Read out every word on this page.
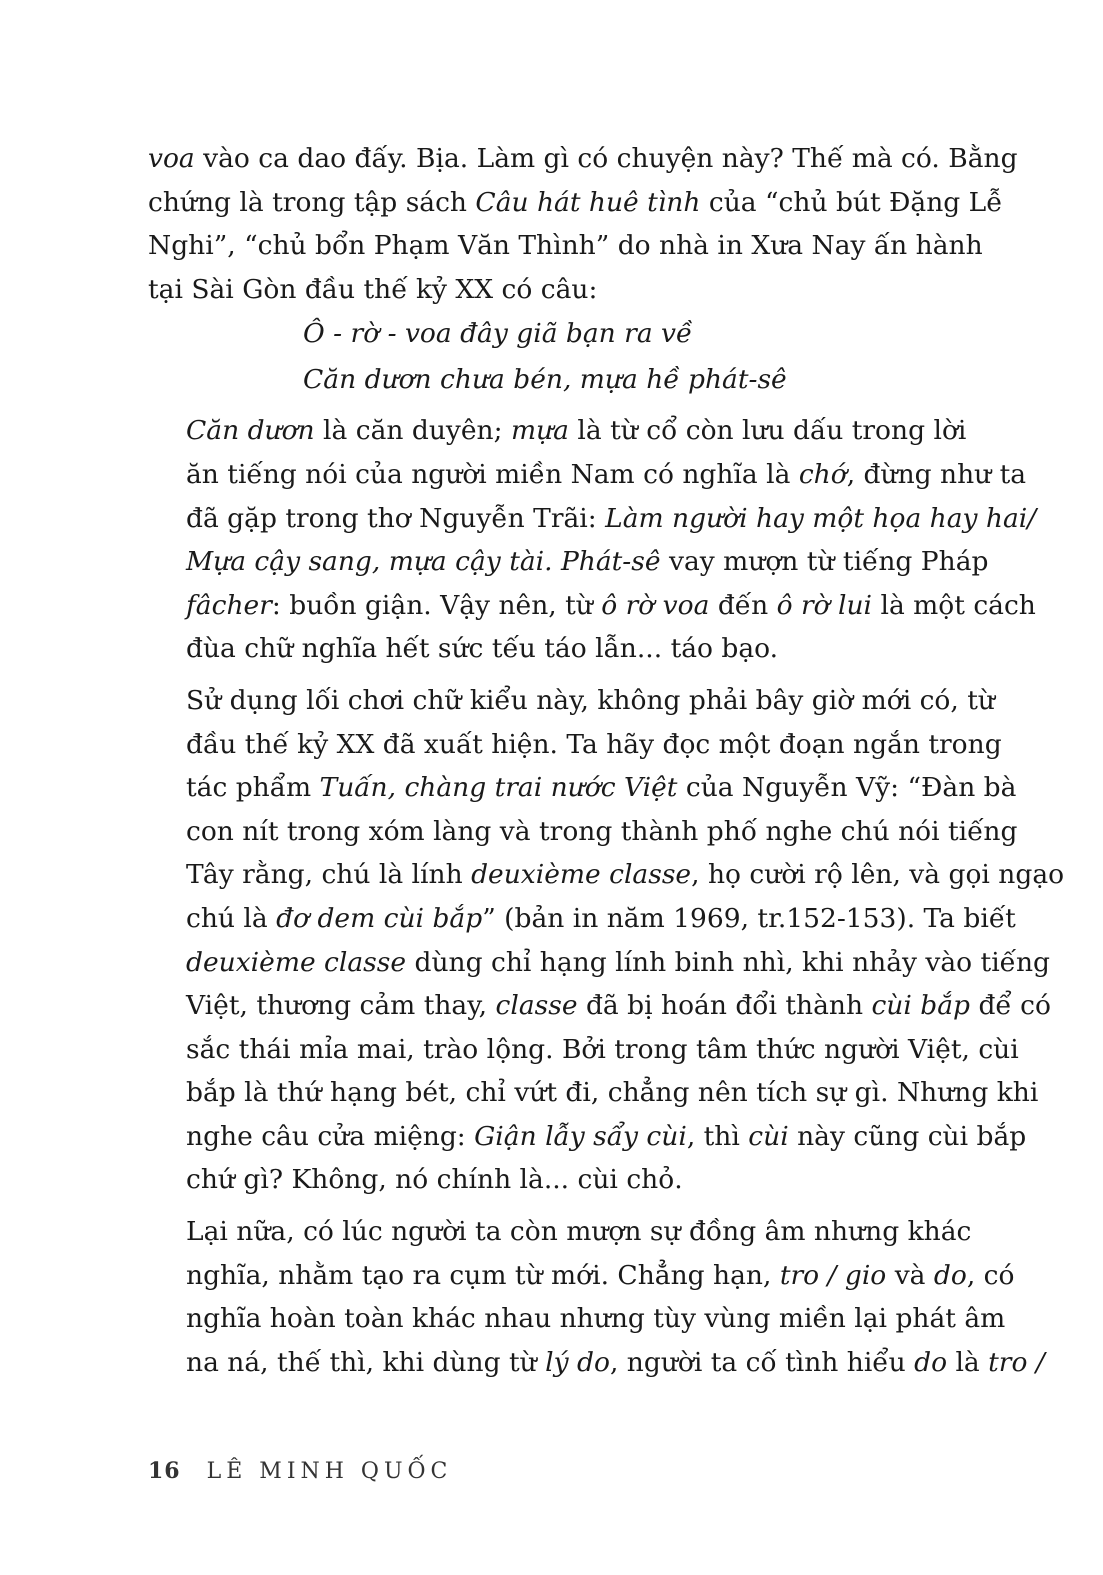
voa vào ca dao đấy. Bịa. Làm gì có chuyện này? Thế mà có. Bằng
chứng là trong tập sách Câu hát huê tình của “chủ bút Đặng Lễ
Nghi”, “chủ bổn Phạm Văn Thình” do nhà in Xưa Nay ấn hành
tại Sài Gòn đầu thế kỷ XX có câu:

Ô - rờ - voa đây giã bạn ra về
Căn dươn chưa bén, mựa hề phát-sê

Căn dươn là căn duyên; mựa là từ cổ còn lưu dấu trong lời
ăn tiếng nói của người miền Nam có nghĩa là chớ, đừng như ta
đã gặp trong thơ Nguyễn Trãi: Làm người hay một họa hay hai/
Mựa cậy sang, mựa cậy tài. Phát-sê vay mượn từ tiếng Pháp
fâcher: buồn giận. Vậy nên, từ ô rờ voa đến ô rờ lui là một cách
đùa chữ nghĩa hết sức tếu táo lẫn... táo bạo.

Sử dụng lối chơi chữ kiểu này, không phải bây giờ mới có, từ
đầu thế kỷ XX đã xuất hiện. Ta hãy đọc một đoạn ngắn trong
tác phẩm Tuấn, chàng trai nước Việt của Nguyễn Vỹ: “Đàn bà
con nít trong xóm làng và trong thành phố nghe chú nói tiếng
Tây rằng, chú là lính deuxième classe, họ cười rộ lên, và gọi ngạo
chú là đơ dem cùi bắp” (bản in năm 1969, tr.152-153). Ta biết
deuxième classe dùng chỉ hạng lính binh nhì, khi nhảy vào tiếng
Việt, thương cảm thay, classe đã bị hoán đổi thành cùi bắp để có
sắc thái mỉa mai, trào lộng. Bởi trong tâm thức người Việt, cùi
bắp là thứ hạng bét, chỉ vứt đi, chẳng nên tích sự gì. Nhưng khi
nghe câu cửa miệng: Giận lẫy sẩy cùi, thì cùi này cũng cùi bắp
chứ gì? Không, nó chính là... cùi chỏ.

Lại nữa, có lúc người ta còn mượn sự đồng âm nhưng khác
nghĩa, nhằm tạo ra cụm từ mới. Chẳng hạn, tro / gio và do, có
nghĩa hoàn toàn khác nhau nhưng tùy vùng miền lại phát âm
na ná, thế thì, khi dùng từ lý do, người ta cố tình hiểu do là tro /

16 LÊ MINH QUỐC
